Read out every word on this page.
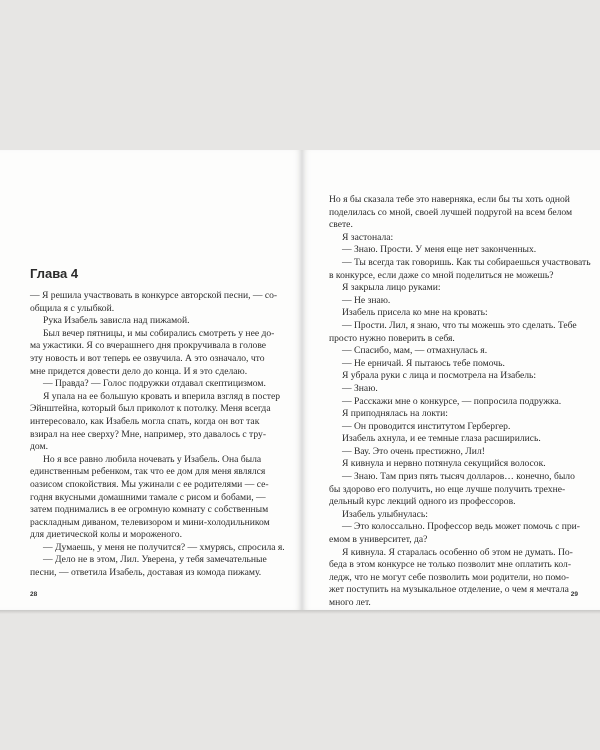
Глава 4
— Я решила участвовать в конкурсе авторской песни, — со-
общила я с улыбкой.
Рука Изабель зависла над пижамой.
Был вечер пятницы, и мы собирались смотреть у нее до-
ма ужастики. Я со вчерашнего дня прокручивала в голове
эту новость и вот теперь ее озвучила. А это означало, что
мне придется довести дело до конца. И я это сделаю.
— Правда? — Голос подружки отдавал скептицизмом.
Я упала на ее большую кровать и вперила взгляд в постер
Эйнштейна, который был приколот к потолку. Меня всегда
интересовало, как Изабель могла спать, когда он вот так
взирал на нее сверху? Мне, например, это давалось с тру-
дом.
Но я все равно любила ночевать у Изабель. Она была
единственным ребенком, так что ее дом для меня являлся
оазисом спокойствия. Мы ужинали с ее родителями — се-
годня вкусными домашними тамале с рисом и бобами, —
затем поднимались в ее огромную комнату с собственным
раскладным диваном, телевизором и мини-холодильником
для диетической колы и мороженого.
— Думаешь, у меня не получится? — хмурясь, спросила я.
— Дело не в этом, Лил. Уверена, у тебя замечательные
песни, — ответила Изабель, доставая из комода пижаму.
28
Но я бы сказала тебе это наверняка, если бы ты хоть одной
поделилась со мной, своей лучшей подругой на всем белом
свете.
Я застонала:
— Знаю. Прости. У меня еще нет законченных.
— Ты всегда так говоришь. Как ты собираешься участвовать
в конкурсе, если даже со мной поделиться не можешь?
Я закрыла лицо руками:
— Не знаю.
Изабель присела ко мне на кровать:
— Прости. Лил, я знаю, что ты можешь это сделать. Тебе
просто нужно поверить в себя.
— Спасибо, мам, — отмахнулась я.
— Не ерничай. Я пытаюсь тебе помочь.
Я убрала руки с лица и посмотрела на Изабель:
— Знаю.
— Расскажи мне о конкурсе, — попросила подружка.
Я приподнялась на локти:
— Он проводится институтом Гербергер.
Изабель ахнула, и ее темные глаза расширились.
— Вау. Это очень престижно, Лил!
Я кивнула и нервно потянула секущийся волосок.
— Знаю. Там приз пять тысяч долларов… конечно, было
бы здорово его получить, но еще лучше получить трехне-
дельный курс лекций одного из профессоров.
Изабель улыбнулась:
— Это колоссально. Профессор ведь может помочь с при-
емом в университет, да?
Я кивнула. Я старалась особенно об этом не думать. По-
беда в этом конкурсе не только позволит мне оплатить кол-
ледж, что не могут себе позволить мои родители, но помо-
жет поступить на музыкальное отделение, о чем я мечтала
много лет.
29
